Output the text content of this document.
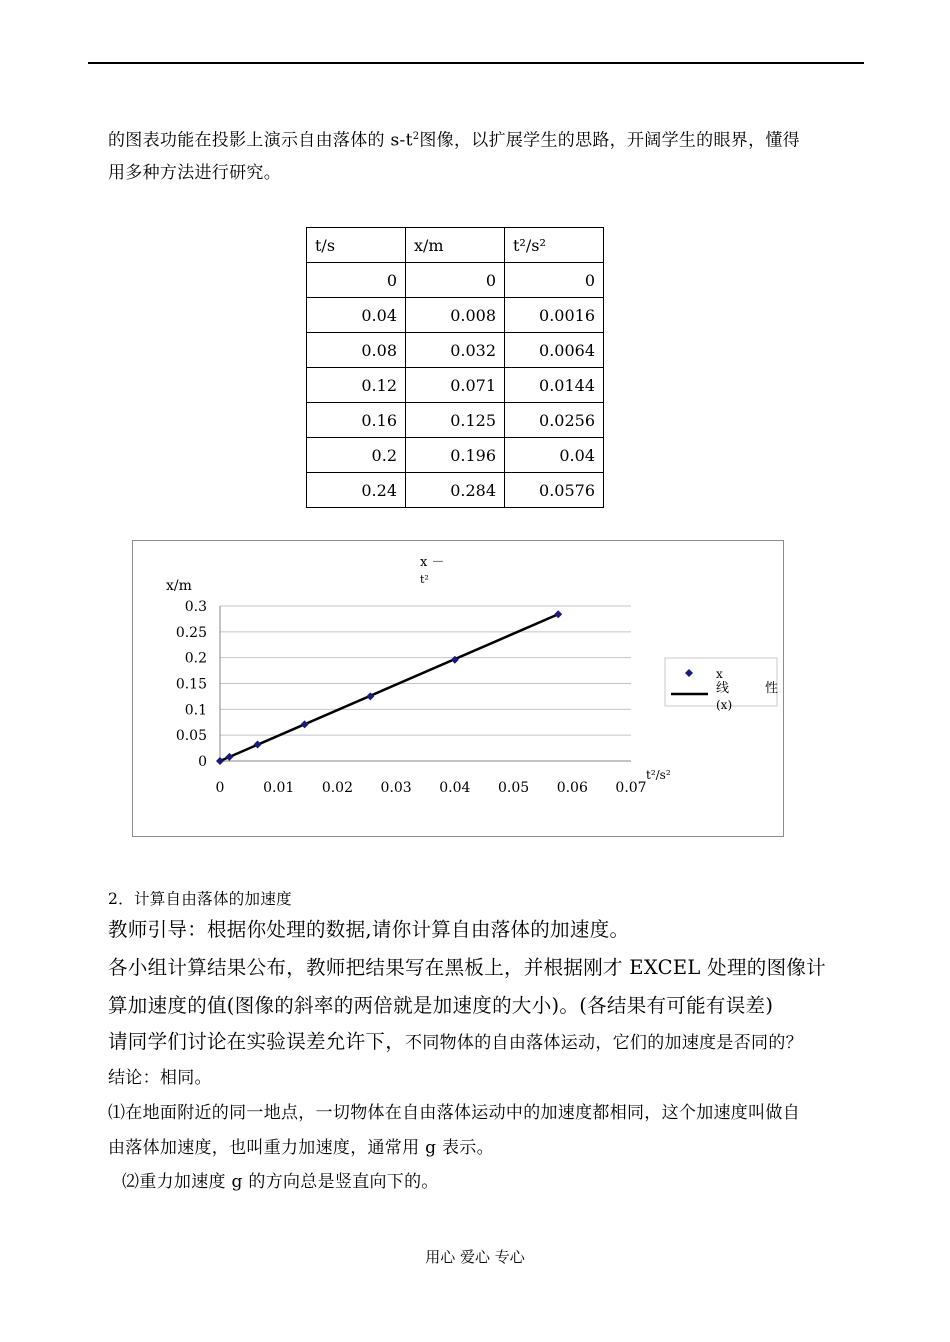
的图表功能在投影上演示自由落体的 $s-t^2$图像，以扩展学生的思路，开阔学生的眼界，懂得
用多种方法进行研究。
t/s	x/m	t²/s²
0	0	0
0.04	0.008	0.0016
0.08	0.032	0.0064
0.12	0.071	0.0144
0.16	0.125	0.0256
0.2	0.196	0.04
0.24	0.284	0.0576
x －
t²
x/m
t²/s²
0
0.05
0.1
0.15
0.2
0.25
0.3
0	0.01 0.02 0.03 0.04 0.05 0.06 0.07
x
线	性
(x)
2．计算自由落体的加速度
教师引导：根据你处理的数据,请你计算自由落体的加速度。
各小组计算结果公布，教师把结果写在黑板上，并根据刚才 EXCEL 处理的图像计
算加速度的值(图像的斜率的两倍就是加速度的大小)。(各结果有可能有误差)
请同学们讨论在实验误差允许下，不同物体的自由落体运动，它们的加速度是否同的？
结论：相同。
⑴在地面附近的同一地点，一切物体在自由落体运动中的加速度都相同，这个加速度叫做自
由落体加速度，也叫重力加速度，通常用 g 表示。
⑵重力加速度 g 的方向总是竖直向下的。
用心 爱心 专心
